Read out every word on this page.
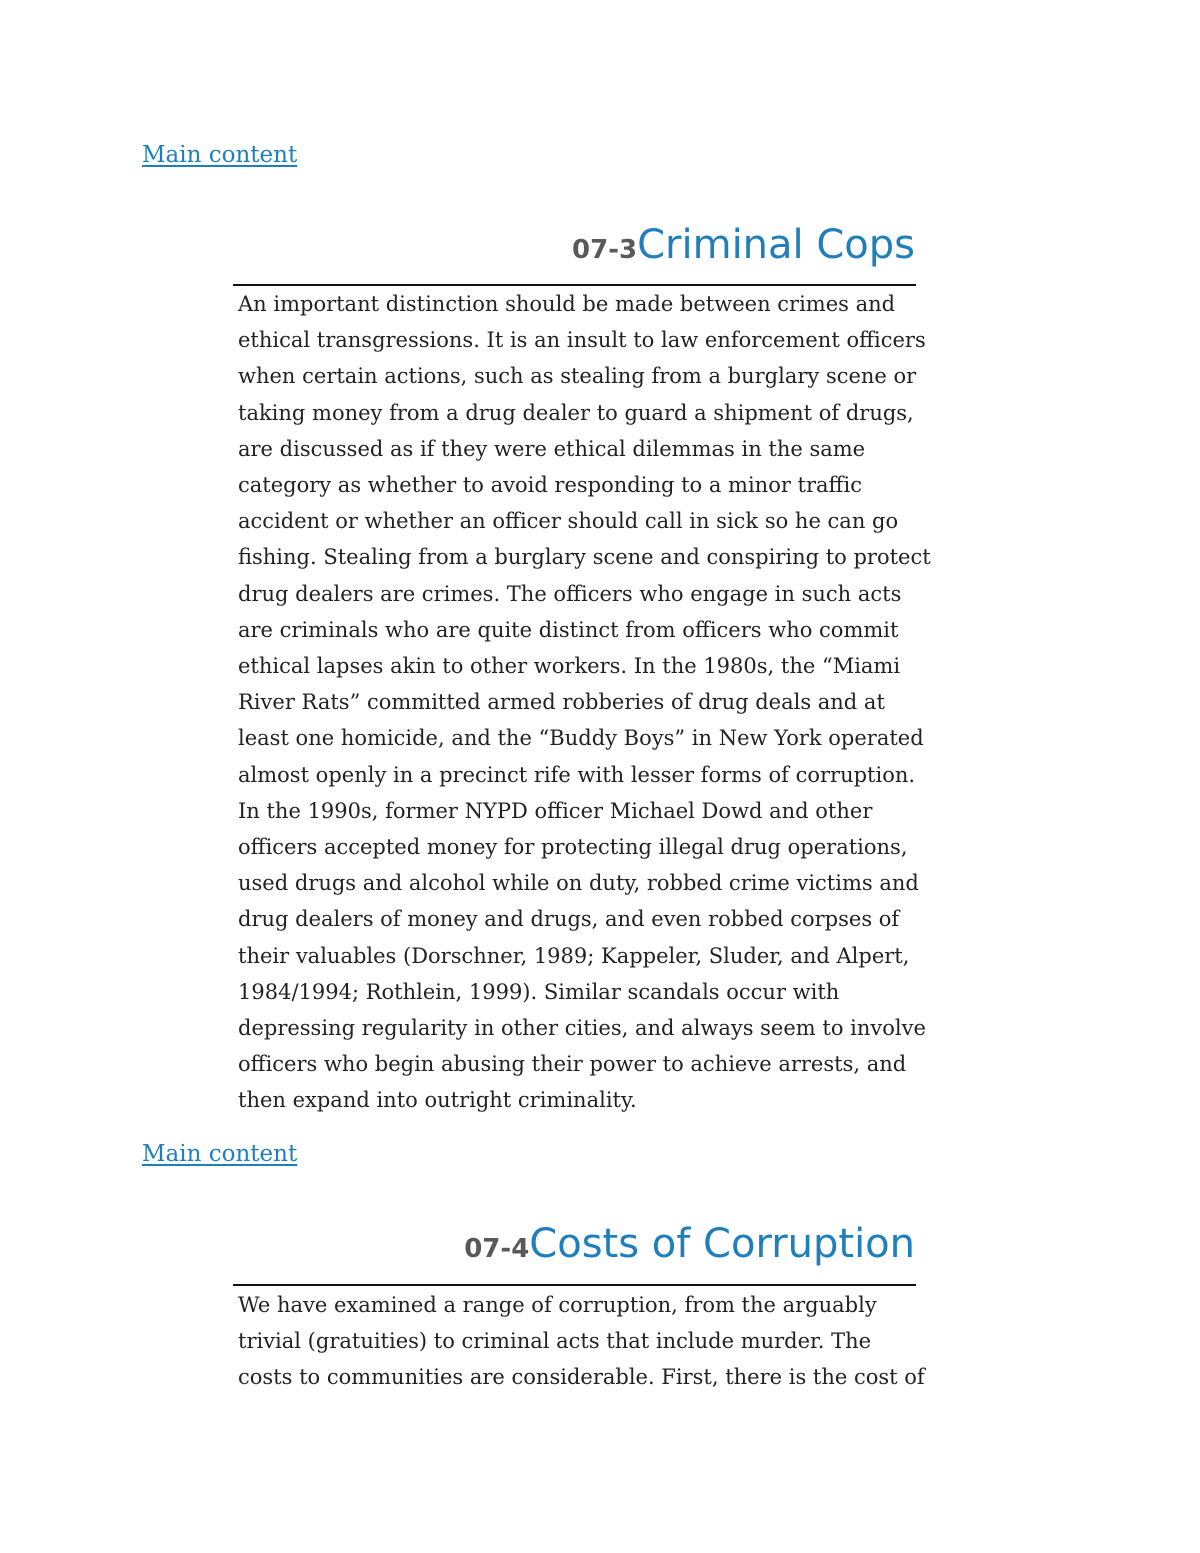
Main content
07-3Criminal Cops
An important distinction should be made between crimes and
ethical transgressions. It is an insult to law enforcement officers
when certain actions, such as stealing from a burglary scene or
taking money from a drug dealer to guard a shipment of drugs,
are discussed as if they were ethical dilemmas in the same
category as whether to avoid responding to a minor traffic
accident or whether an officer should call in sick so he can go
fishing. Stealing from a burglary scene and conspiring to protect
drug dealers are crimes. The officers who engage in such acts
are criminals who are quite distinct from officers who commit
ethical lapses akin to other workers. In the 1980s, the “Miami
River Rats” committed armed robberies of drug deals and at
least one homicide, and the “Buddy Boys” in New York operated
almost openly in a precinct rife with lesser forms of corruption.
In the 1990s, former NYPD officer Michael Dowd and other
officers accepted money for protecting illegal drug operations,
used drugs and alcohol while on duty, robbed crime victims and
drug dealers of money and drugs, and even robbed corpses of
their valuables (Dorschner, 1989; Kappeler, Sluder, and Alpert,
1984/1994; Rothlein, 1999). Similar scandals occur with
depressing regularity in other cities, and always seem to involve
officers who begin abusing their power to achieve arrests, and
then expand into outright criminality.
Main content
07-4Costs of Corruption
We have examined a range of corruption, from the arguably
trivial (gratuities) to criminal acts that include murder. The
costs to communities are considerable. First, there is the cost of
